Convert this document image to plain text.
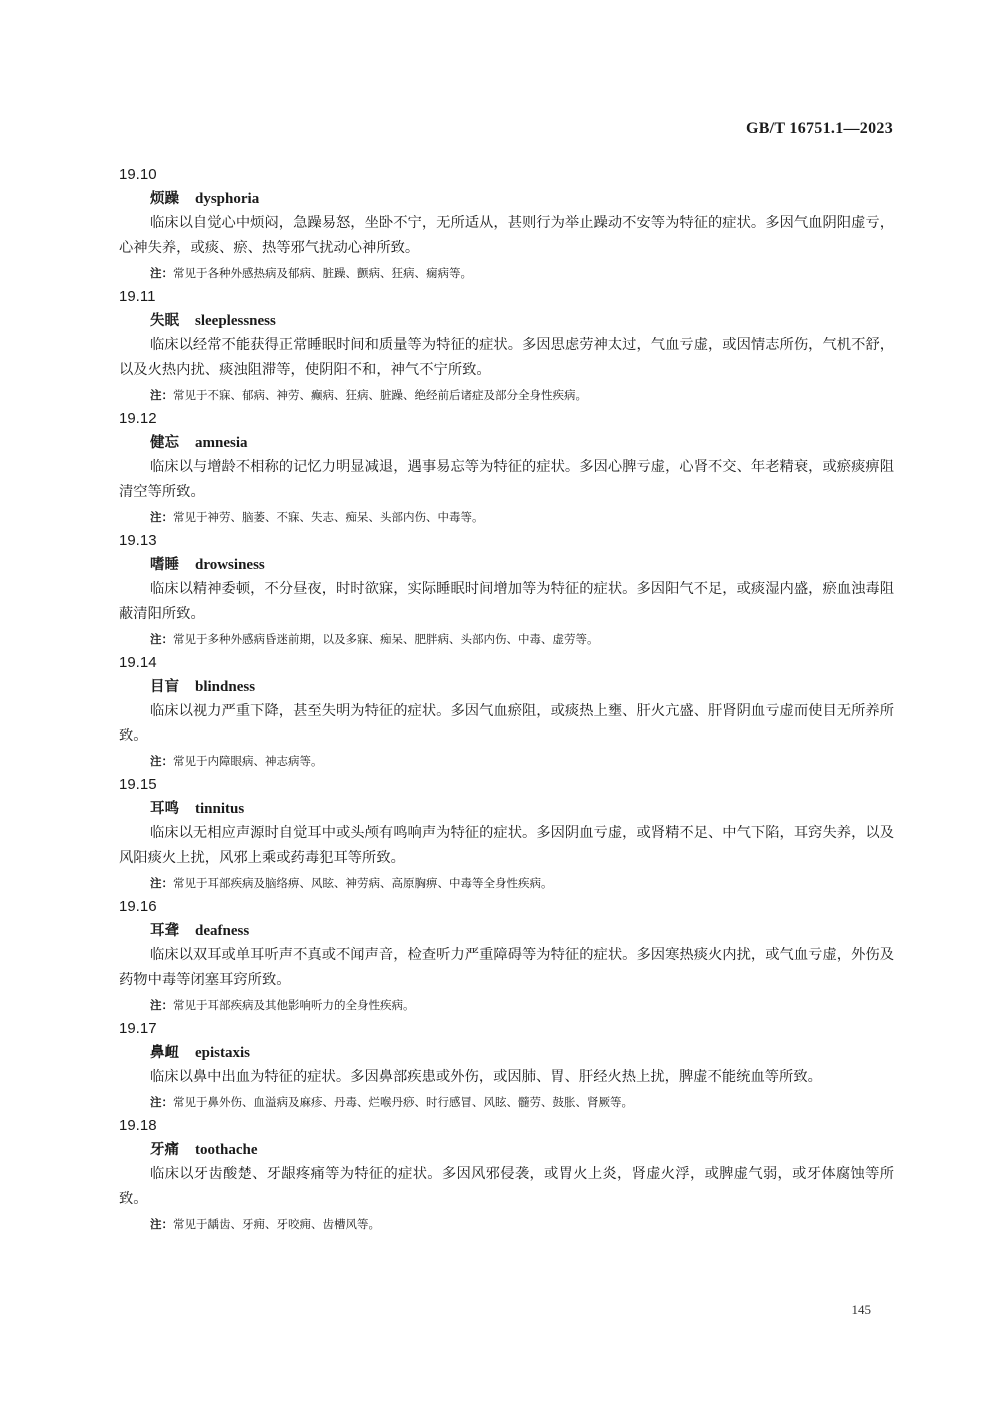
GB/T 16751.1—2023
19.10
烦躁 dysphoria

临床以自觉心中烦闷，急躁易怒，坐卧不宁，无所适从，甚则行为举止躁动不安等为特征的症状。多因气血阴阳虚亏，心神失养，或痰、瘀、热等邪气扰动心神所致。

注：常见于各种外感热病及郁病、脏躁、颤病、狂病、痫病等。
19.11
失眠 sleeplessness

临床以经常不能获得正常睡眠时间和质量等为特征的症状。多因思虑劳神太过，气血亏虚，或因情志所伤，气机不舒，以及火热内扰、痰浊阻滞等，使阴阳不和，神气不宁所致。

注：常见于不寐、郁病、神劳、癫病、狂病、脏躁、绝经前后诸症及部分全身性疾病。
19.12
健忘 amnesia

临床以与增龄不相称的记忆力明显减退，遇事易忘等为特征的症状。多因心脾亏虚，心肾不交、年老精衰，或瘀痰痹阻清空等所致。

注：常见于神劳、脑萎、不寐、失志、痴呆、头部内伤、中毒等。
19.13
嗜睡 drowsiness

临床以精神委顿，不分昼夜，时时欲寐，实际睡眠时间增加等为特征的症状。多因阳气不足，或痰湿内盛，瘀血浊毒阻蔽清阳所致。

注：常见于多种外感病昏迷前期，以及多寐、痴呆、肥胖病、头部内伤、中毒、虚劳等。
19.14
目盲 blindness

临床以视力严重下降，甚至失明为特征的症状。多因气血瘀阻，或痰热上壅、肝火亢盛、肝肾阴血亏虚而使目无所养所致。

注：常见于内障眼病、神志病等。
19.15
耳鸣 tinnitus

临床以无相应声源时自觉耳中或头颅有鸣响声为特征的症状。多因阴血亏虚，或肾精不足、中气下陷，耳窍失养，以及风阳痰火上扰，风邪上乘或药毒犯耳等所致。

注：常见于耳部疾病及脑络痹、风眩、神劳病、高原胸痹、中毒等全身性疾病。
19.16
耳聋 deafness

临床以双耳或单耳听声不真或不闻声音，检查听力严重障碍等为特征的症状。多因寒热痰火内扰，或气血亏虚，外伤及药物中毒等闭塞耳窍所致。

注：常见于耳部疾病及其他影响听力的全身性疾病。
19.17
鼻衄 epistaxis

临床以鼻中出血为特征的症状。多因鼻部疾患或外伤，或因肺、胃、肝经火热上扰，脾虚不能统血等所致。

注：常见于鼻外伤、血溢病及麻疹、丹毒、烂喉丹痧、时行感冒、风眩、髓劳、鼓胀、肾厥等。
19.18
牙痛 toothache

临床以牙齿酸楚、牙龈疼痛等为特征的症状。多因风邪侵袭，或胃火上炎，肾虚火浮，或脾虚气弱，或牙体腐蚀等所致。

注：常见于龋齿、牙痈、牙咬痈、齿槽风等。
145
